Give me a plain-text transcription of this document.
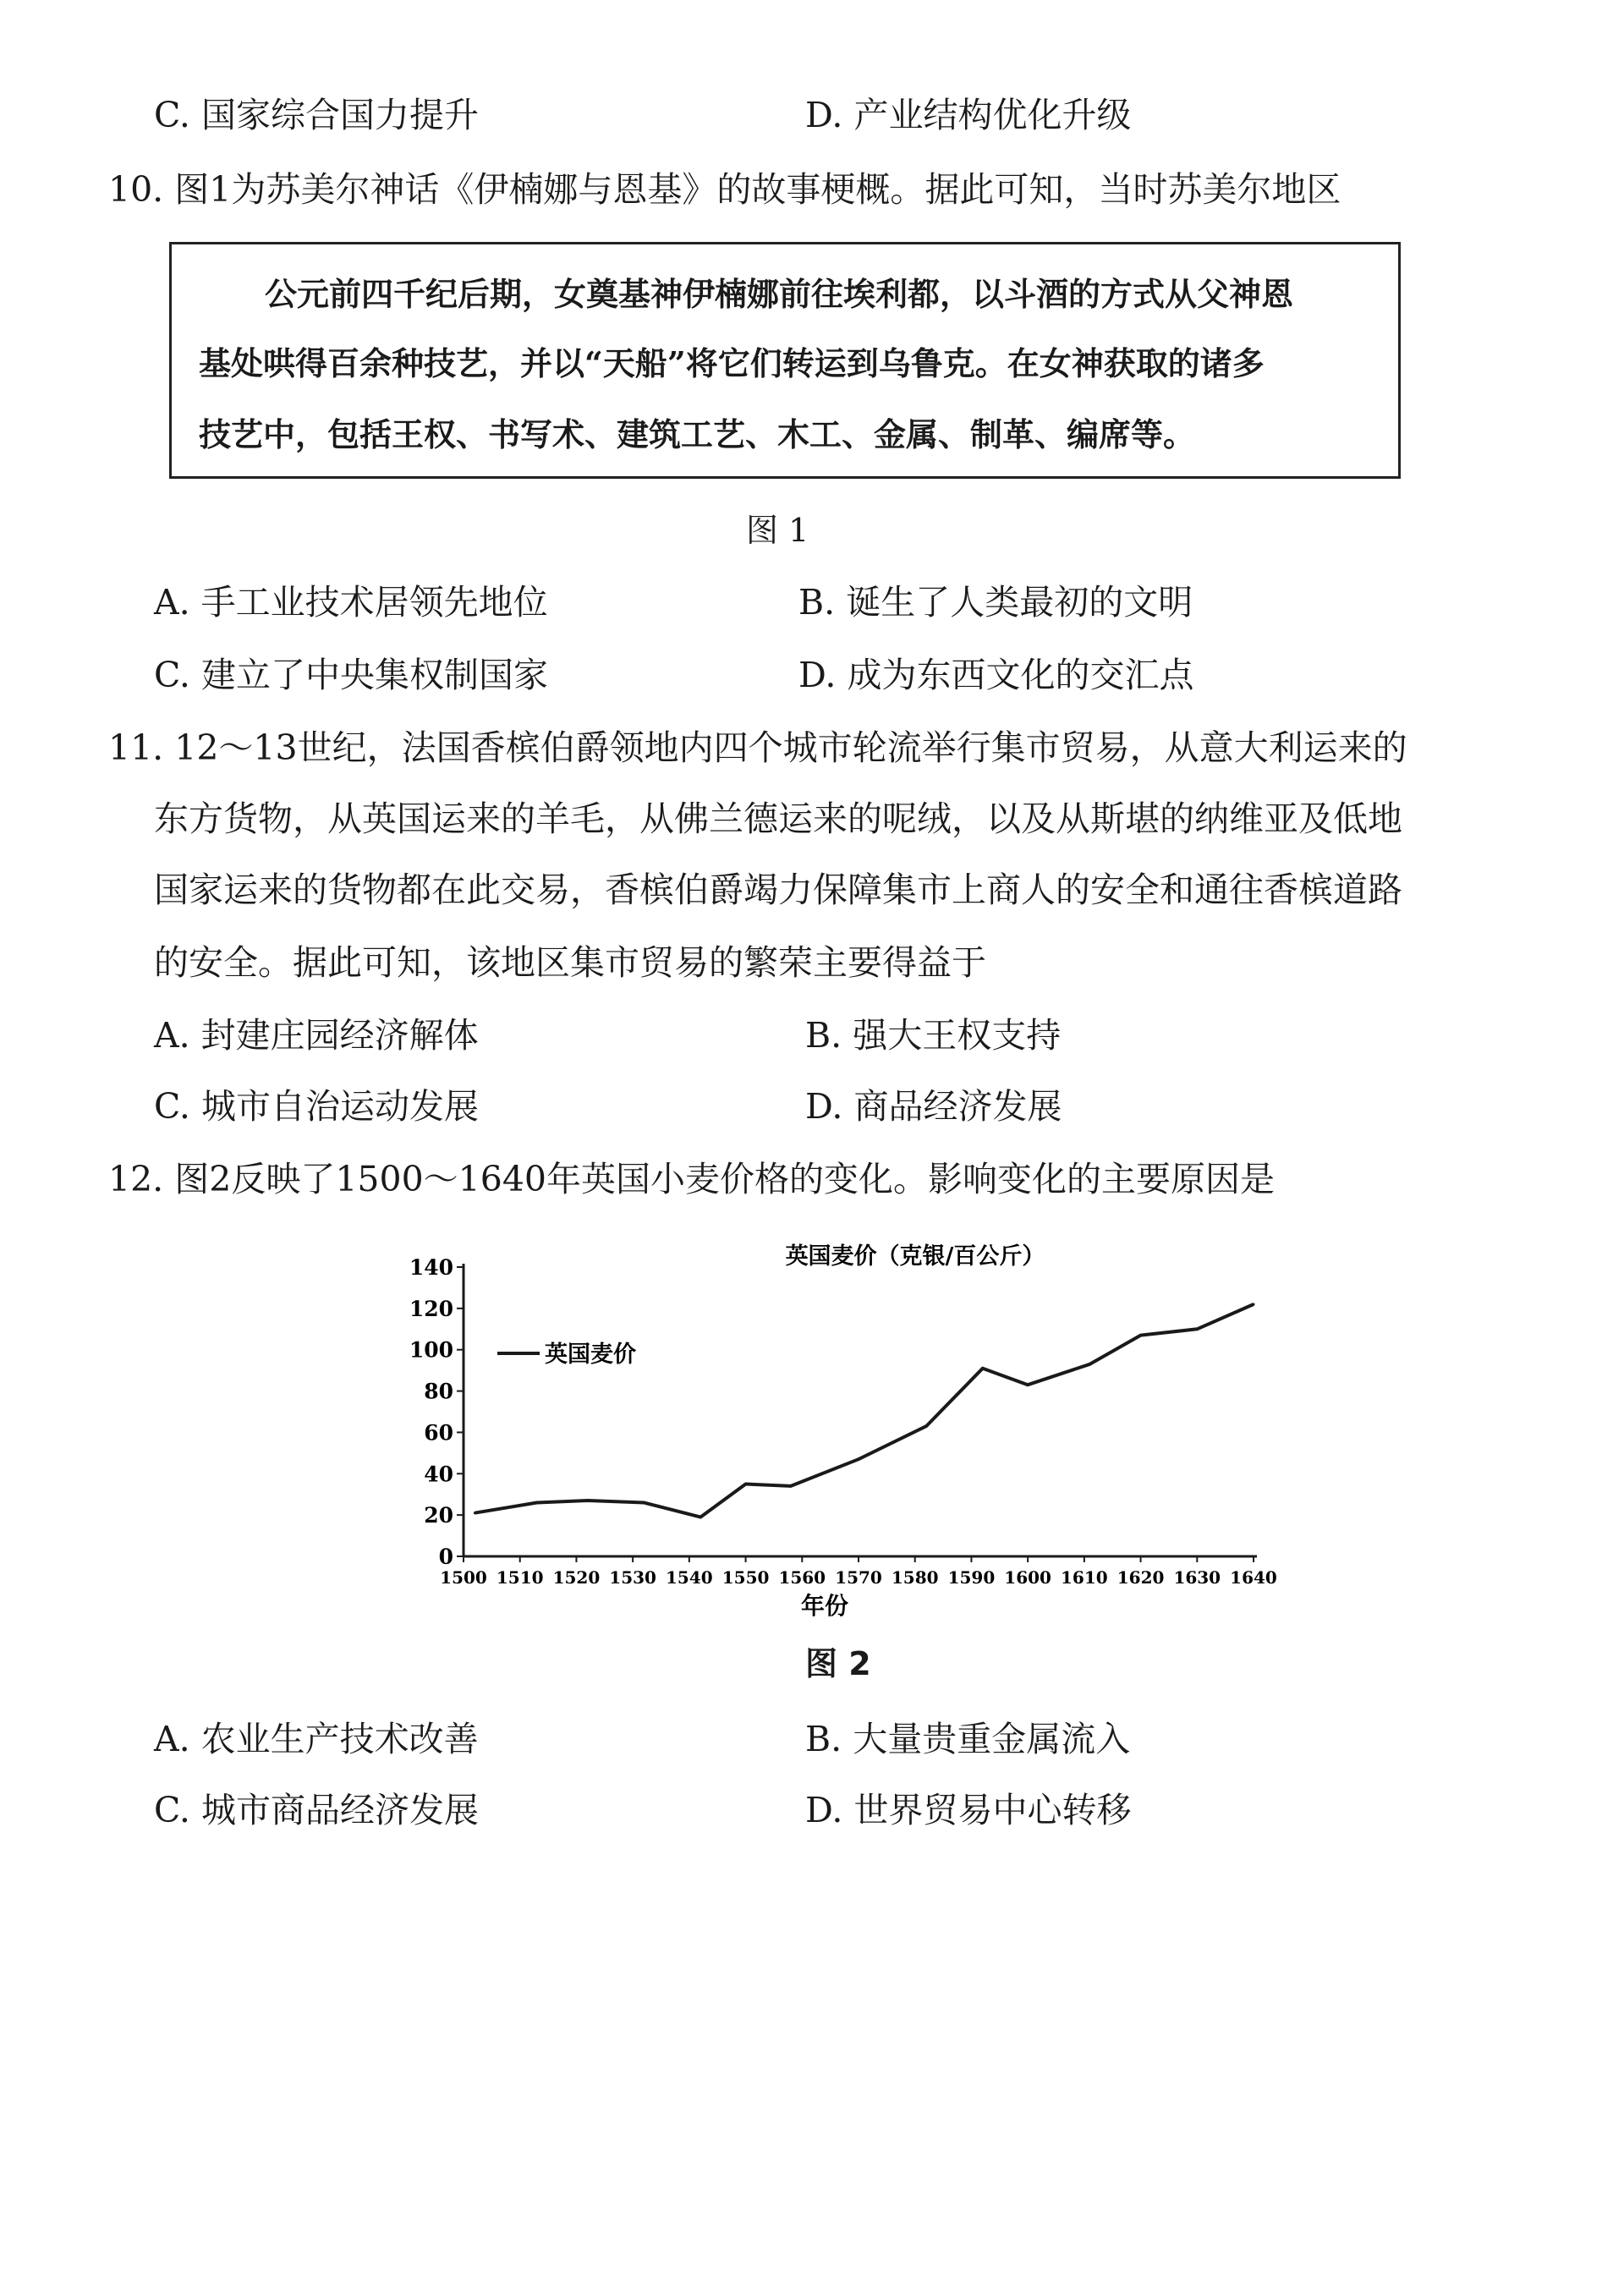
C. 国家综合国力提升	D. 产业结构优化升级
10. 图1为苏美尔神话《伊楠娜与恩基》的故事梗概。据此可知，当时苏美尔地区
公元前四千纪后期，女奠基神伊楠娜前往埃利都，以斗酒的方式从父神恩
基处哄得百余种技艺，并以“天船”将它们转运到乌鲁克。在女神获取的诸多
技艺中，包括王权、书写术、建筑工艺、木工、金属、制革、编席等。
图 1
A. 手工业技术居领先地位	B. 诞生了人类最初的文明
C. 建立了中央集权制国家	D. 成为东西文化的交汇点
11. 12～13世纪，法国香槟伯爵领地内四个城市轮流举行集市贸易，从意大利运来的
东方货物，从英国运来的羊毛，从佛兰德运来的呢绒，以及从斯堪的纳维亚及低地
国家运来的货物都在此交易，香槟伯爵竭力保障集市上商人的安全和通往香槟道路
的安全。据此可知，该地区集市贸易的繁荣主要得益于
A. 封建庄园经济解体	B. 强大王权支持
C. 城市自治运动发展	D. 商品经济发展
12. 图2反映了1500～1640年英国小麦价格的变化。影响变化的主要原因是
英国麦价（克银/百公斤）
0
20
40
60
80
100
120
140
1500 1510 1520 1530 1540 1550 1560 1570 1580 1590 1600 1610 1620 1630 1640
英国麦价
年份
图 2
A. 农业生产技术改善	B. 大量贵重金属流入
C. 城市商品经济发展	D. 世界贸易中心转移
